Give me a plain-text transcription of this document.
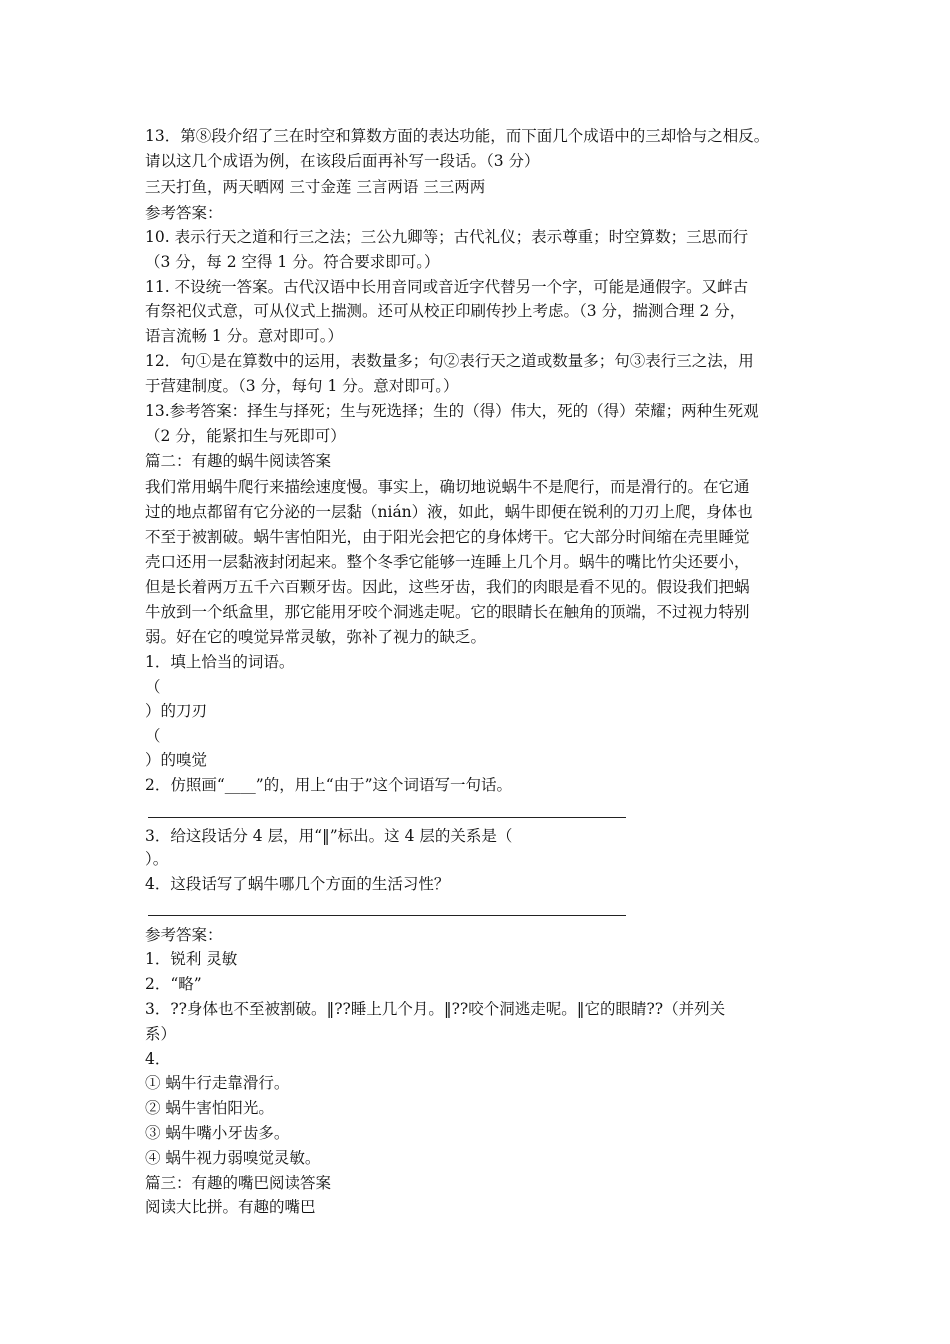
13．第⑧段介绍了三在时空和算数方面的表达功能，而下面几个成语中的三却恰与之相反。

请以这几个成语为例，在该段后面再补写一段话。（3 分）

三天打鱼，两天晒网 三寸金莲 三言两语 三三两两

参考答案：

10. 表示行天之道和行三之法；三公九卿等；古代礼仪；表示尊重；时空算数；三思而行

（3 分，每 2 空得 1 分。符合要求即可。）

11. 不设统一答案。古代汉语中长用音同或音近字代替另一个字，可能是通假字。又衅古

有祭祀仪式意，可从仪式上揣测。还可从校正印刷传抄上考虑。（3 分，揣测合理 2 分，

语言流畅 1 分。意对即可。）

12．句①是在算数中的运用，表数量多；句②表行天之道或数量多；句③表行三之法，用

于营建制度。（3 分，每句 1 分。意对即可。）

13.参考答案：择生与择死；生与死选择；生的（得）伟大，死的（得）荣耀；两种生死观

（2 分，能紧扣生与死即可）

篇二：有趣的蜗牛阅读答案

我们常用蜗牛爬行来描绘速度慢。事实上，确切地说蜗牛不是爬行，而是滑行的。在它通

过的地点都留有它分泌的一层黏（nián）液，如此，蜗牛即便在锐利的刀刃上爬，身体也

不至于被割破。蜗牛害怕阳光，由于阳光会把它的身体烤干。它大部分时间缩在壳里睡觉

壳口还用一层黏液封闭起来。整个冬季它能够一连睡上几个月。蜗牛的嘴比竹尖还要小，

但是长着两万五千六百颗牙齿。因此，这些牙齿，我们的肉眼是看不见的。假设我们把蜗

牛放到一个纸盒里，那它能用牙咬个洞逃走呢。它的眼睛长在触角的顶端，不过视力特别

弱。好在它的嗅觉异常灵敏，弥补了视力的缺乏。

1．填上恰当的词语。

（

）的刀刃

（

）的嗅觉

2．仿照画“____”的，用上“由于”这个词语写一句话。

3．给这段话分 4 层，用“‖”标出。这 4 层的关系是（

）。

4．这段话写了蜗牛哪几个方面的生活习性？

参考答案：

1．锐利 灵敏

2．“略”

3．??身体也不至被割破。‖??睡上几个月。‖??咬个洞逃走呢。‖它的眼睛??（并列关

系）

4．

① 蜗牛行走靠滑行。

② 蜗牛害怕阳光。

③ 蜗牛嘴小牙齿多。

④ 蜗牛视力弱嗅觉灵敏。

篇三：有趣的嘴巴阅读答案

阅读大比拼。有趣的嘴巴
